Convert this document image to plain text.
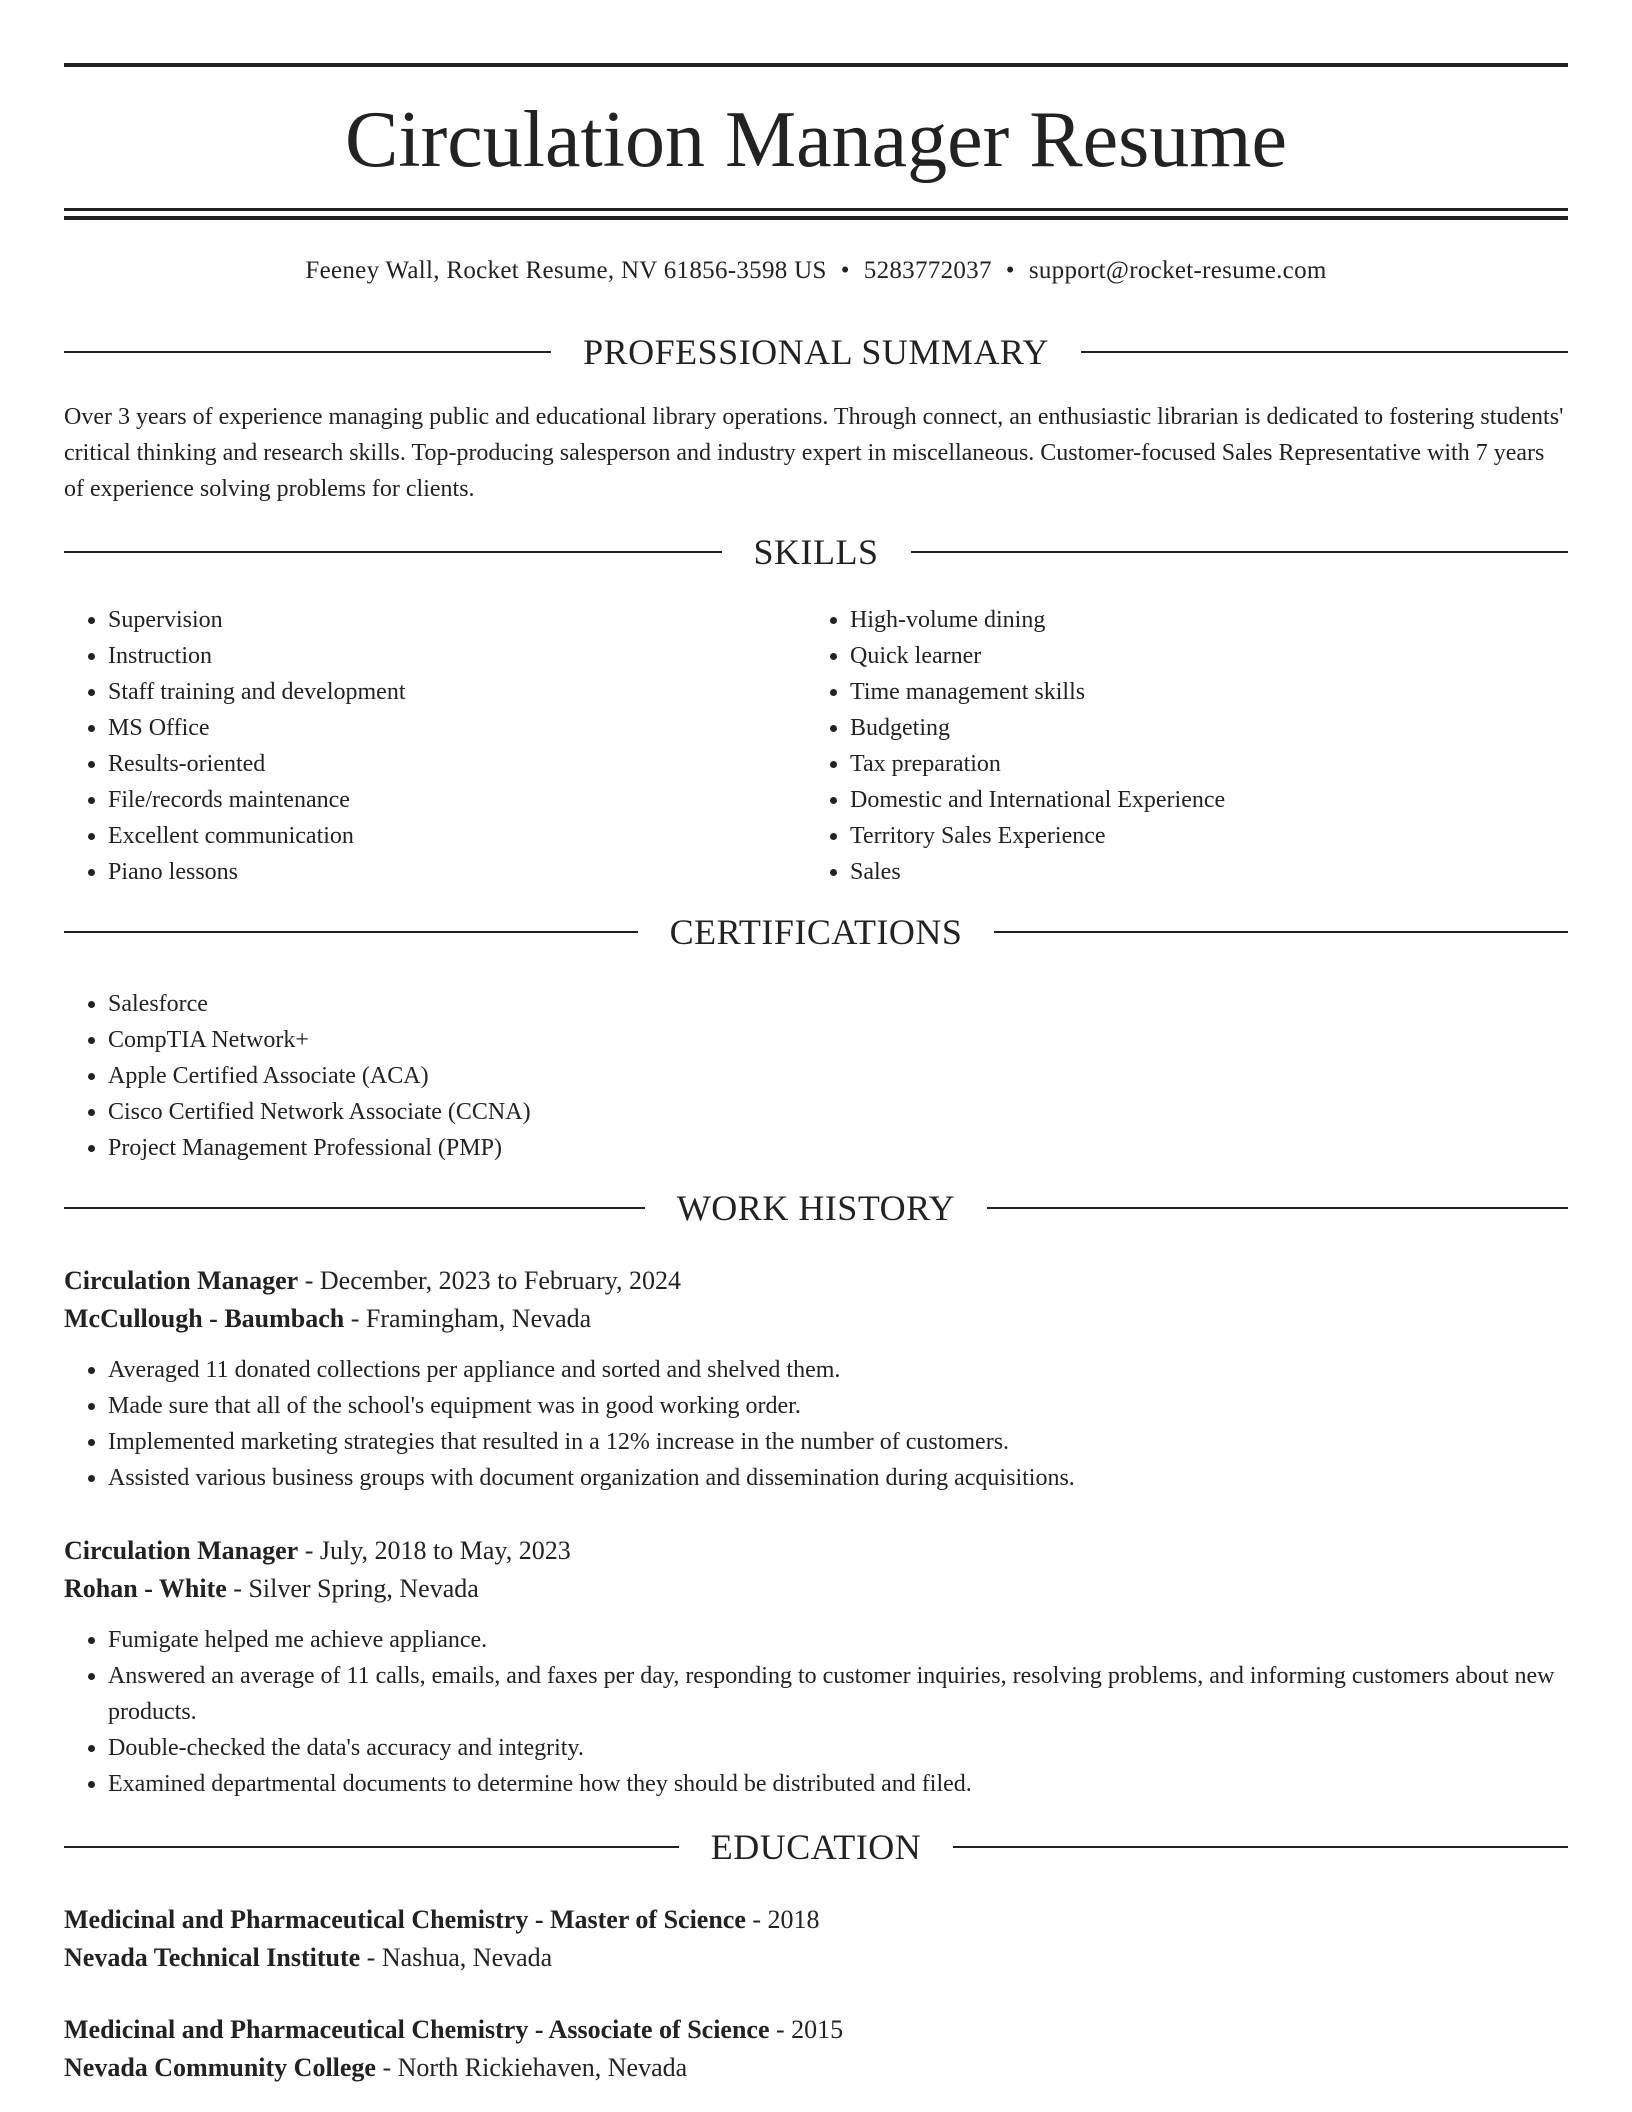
Circulation Manager Resume
Feeney Wall, Rocket Resume, NV 61856-3598 US • 5283772037 • support@rocket-resume.com
PROFESSIONAL SUMMARY

Over 3 years of experience managing public and educational library operations. Through connect, an enthusiastic librarian is dedicated to fostering students' critical thinking and research skills. Top-producing salesperson and industry expert in miscellaneous. Customer-focused Sales Representative with 7 years of experience solving problems for clients.

SKILLS
• Supervision
• Instruction
• Staff training and development
• MS Office
• Results-oriented
• File/records maintenance
• Excellent communication
• Piano lessons
• High-volume dining
• Quick learner
• Time management skills
• Budgeting
• Tax preparation
• Domestic and International Experience
• Territory Sales Experience
• Sales
CERTIFICATIONS
• Salesforce
• CompTIA Network+
• Apple Certified Associate (ACA)
• Cisco Certified Network Associate (CCNA)
• Project Management Professional (PMP)
WORK HISTORY
Circulation Manager - December, 2023 to February, 2024
McCullough - Baumbach - Framingham, Nevada
• Averaged 11 donated collections per appliance and sorted and shelved them.
• Made sure that all of the school's equipment was in good working order.
• Implemented marketing strategies that resulted in a 12% increase in the number of customers.
• Assisted various business groups with document organization and dissemination during acquisitions.
Circulation Manager - July, 2018 to May, 2023
Rohan - White - Silver Spring, Nevada
• Fumigate helped me achieve appliance.
• Answered an average of 11 calls, emails, and faxes per day, responding to customer inquiries, resolving problems, and informing customers about new products.
• Double-checked the data's accuracy and integrity.
• Examined departmental documents to determine how they should be distributed and filed.
EDUCATION
Medicinal and Pharmaceutical Chemistry - Master of Science - 2018
Nevada Technical Institute - Nashua, Nevada
Medicinal and Pharmaceutical Chemistry - Associate of Science - 2015
Nevada Community College - North Rickiehaven, Nevada
